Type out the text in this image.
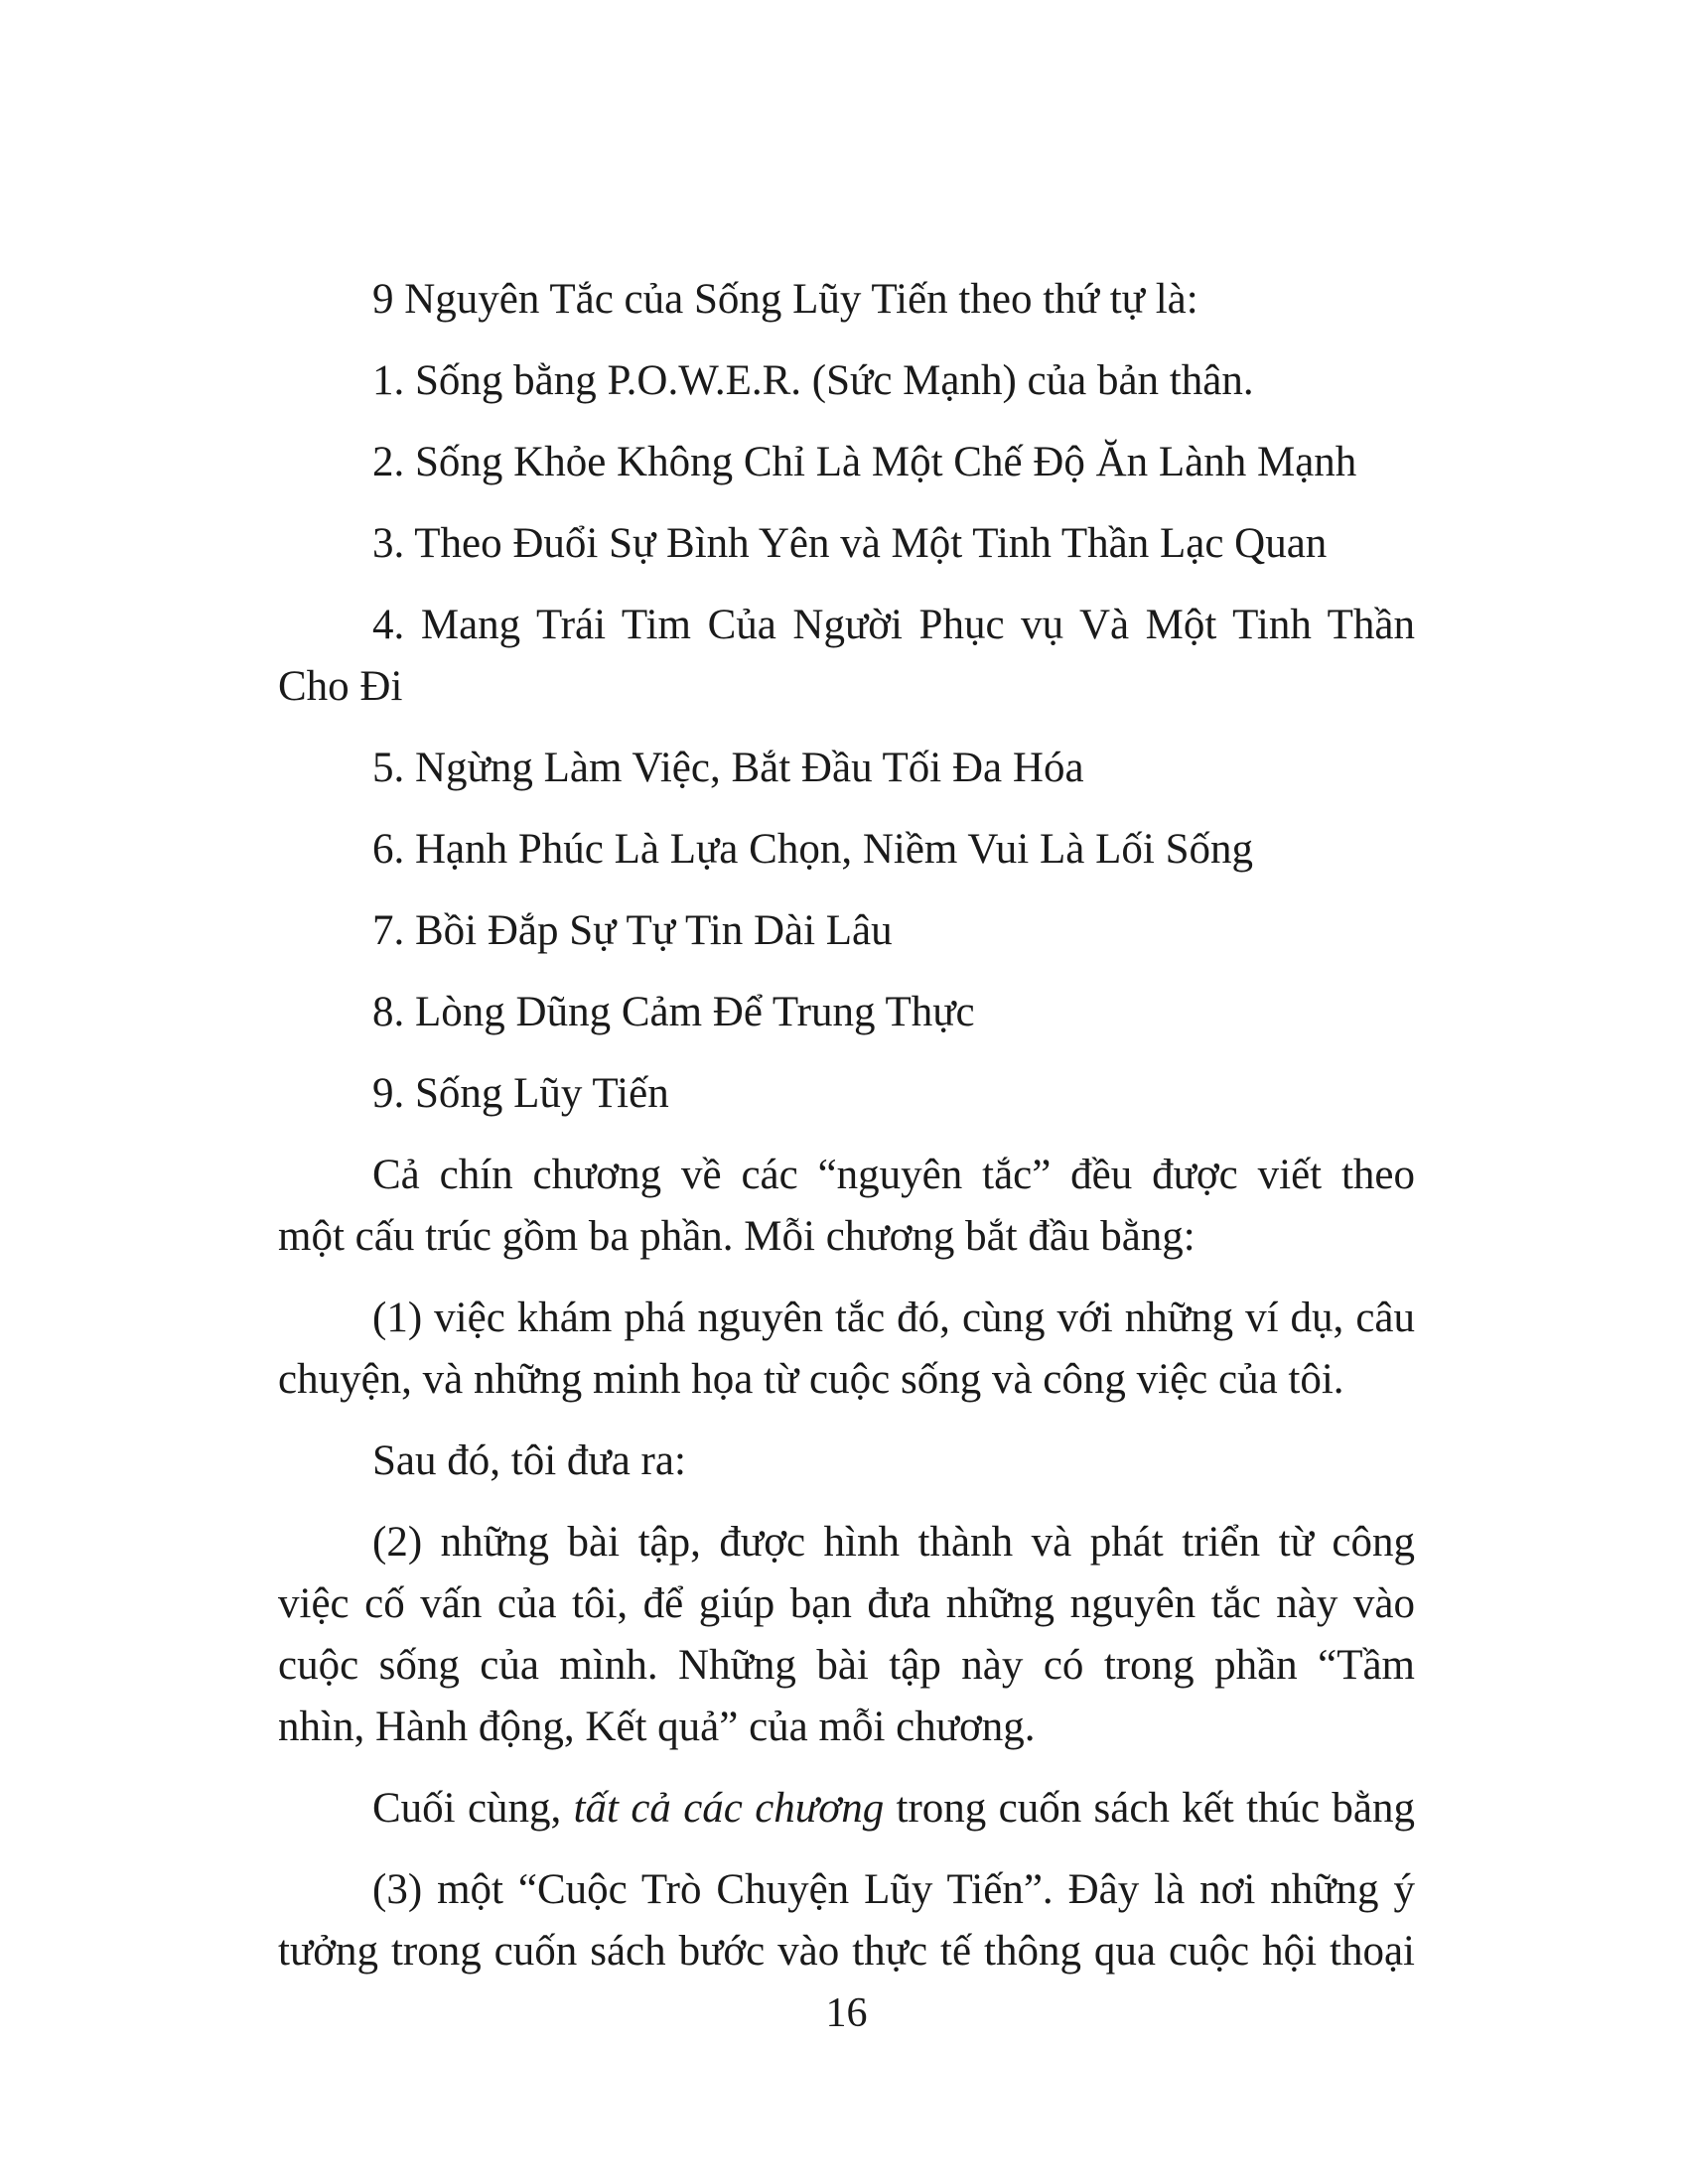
9 Nguyên Tắc của Sống Lũy Tiến theo thứ tự là:
1. Sống bằng P.O.W.E.R. (Sức Mạnh) của bản thân.
2. Sống Khỏe Không Chỉ Là Một Chế Độ Ăn Lành Mạnh
3. Theo Đuổi Sự Bình Yên và Một Tinh Thần Lạc Quan
4. Mang Trái Tim Của Người Phục vụ Và Một Tinh Thần
Cho Đi
5. Ngừng Làm Việc, Bắt Đầu Tối Đa Hóa
6. Hạnh Phúc Là Lựa Chọn, Niềm Vui Là Lối Sống
7. Bồi Đắp Sự Tự Tin Dài Lâu
8. Lòng Dũng Cảm Để Trung Thực
9. Sống Lũy Tiến
Cả chín chương về các “nguyên tắc” đều được viết theo
một cấu trúc gồm ba phần. Mỗi chương bắt đầu bằng:
(1) việc khám phá nguyên tắc đó, cùng với những ví dụ, câu
chuyện, và những minh họa từ cuộc sống và công việc của tôi.
Sau đó, tôi đưa ra:
(2) những bài tập, được hình thành và phát triển từ công
việc cố vấn của tôi, để giúp bạn đưa những nguyên tắc này vào
cuộc sống của mình. Những bài tập này có trong phần “Tầm
nhìn, Hành động, Kết quả” của mỗi chương.
Cuối cùng, tất cả các chương trong cuốn sách kết thúc bằng
(3) một “Cuộc Trò Chuyện Lũy Tiến”. Đây là nơi những ý
tưởng trong cuốn sách bước vào thực tế thông qua cuộc hội thoại
16
